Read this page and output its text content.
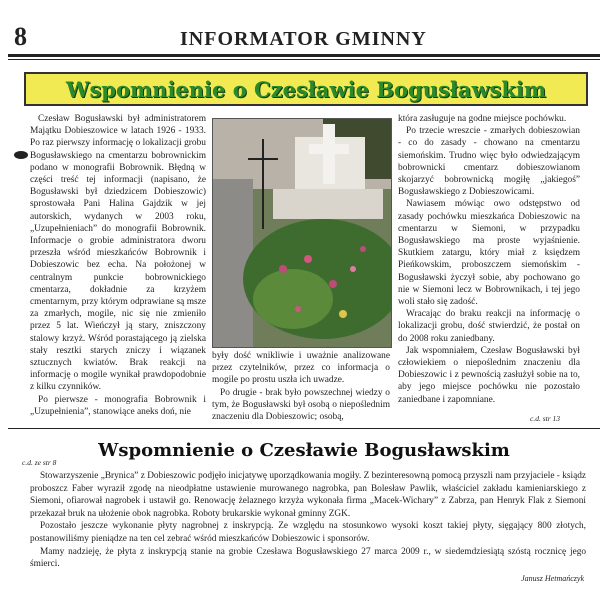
8	INFORMATOR GMINNY
Wspomnienie o Czesławie Bogusławskim

Czesław Bogusławski był administratorem Majątku Dobieszowice w latach 1926 - 1933. Po raz pierwszy informację o lokalizacji grobu Bogusławskiego na cmentarzu bobrownickim podano w monografii Bobrownik. Błędną w części treść tej informacji (napisano, że Bogusławski był dziedzicem Dobieszowic) sprostowała Pani Halina Gajdzik w jej autorskich, wydanych w 2003 roku, „Uzupełnieniach” do monografii Bobrownik. Informacje o grobie administratora dworu przeszła wśród mieszkańców Bobrownik i Dobieszowic bez echa. Na położonej w centralnym punkcie bobrownickiego cmentarza, dokładnie za krzyżem cmentarnym, przy którym odprawiane są msze za zmarłych, mogile, nic się nie zmieniło przez 5 lat. Wieńczył ją stary, zniszczony stalowy krzyż. Wśród porastającego ją zielska stały resztki starych zniczy i wiązanek sztucznych kwiatów. Brak reakcji na informację o mogile wynikał prawdopodobnie z kilku czynników.

Po pierwsze - monografia Bobrownik i „Uzupełnienia”, stanowiące aneks doń, nie

były dość wnikliwie i uważnie analizowane przez czytelników, przez co informacja o mogile po prostu uszła ich uwadze.

Po drugie - brak było powszechnej wiedzy o tym, że Bogusławski był osobą o niepoślednim znaczeniu dla Dobieszowic; osobą,

która zasługuje na godne miejsce pochówku.

Po trzecie wreszcie - zmarłych dobieszowian - co do zasady - chowano na cmentarzu siemońskim. Trudno więc było odwiedzającym bobrownicki cmentarz dobieszowianom skojarzyć bobrownicką mogiłę „jakiegoś” Bogusławskiego z Dobieszowicami.

Nawiasem mówiąc owo odstępstwo od zasady pochówku mieszkańca Dobieszowic na cmentarzu w Siemoni, w przypadku Bogusławskiego ma proste wyjaśnienie. Skutkiem zatargu, który miał z księdzem Pieńkowskim, proboszczem siemońskim - Bogusławski życzył sobie, aby pochowano go nie w Siemoni lecz w Bobrownikach, i tej jego woli stało się zadość.

Wracając do braku reakcji na informację o lokalizacji grobu, dość stwierdzić, że postał on do 2008 roku zaniedbany.

Jak wspomniałem, Czesław Bogusławski był człowiekiem o niepoślednim znaczeniu dla Dobieszowic i z pewnością zasłużył sobie na to, aby jego miejsce pochówku nie pozostało zaniedbane i zapomniane.

c.d. str 13
Wspomnienie o Czesławie Bogusławskim
c.d. ze str 8

Stowarzyszenie „Brynica” z Dobieszowic podjęło inicjatywę uporządkowania mogiły. Z bezinteresowną pomocą przyszli nam przyjaciele - ksiądz proboszcz Faber wyraził zgodę na nieodpłatne ustawienie murowanego nagrobka, pan Bolesław Pawlik, właściciel zakładu kamieniarskiego z Siemoni, ofiarował nagrobek i ustawił go. Renowację żelaznego krzyża wykonała firma „Macek-Wichary” z Zabrza, pan Henryk Flak z Siemoni przekazał bruk na ułożenie obok nagrobka. Roboty brukarskie wykonał gminny ZGK.

Pozostało jeszcze wykonanie płyty nagrobnej z inskrypcją. Ze względu na stosunkowo wysoki koszt takiej płyty, sięgający 800 złotych, postanowiliśmy pieniądze na ten cel zebrać wśród mieszkańców Dobieszowic i sponsorów.

Mamy nadzieję, że płyta z inskrypcją stanie na grobie Czesława Bogusławskiego 27 marca 2009 r., w siedemdziesiątą szóstą rocznicę jego śmierci.

Janusz Hetmańczyk
